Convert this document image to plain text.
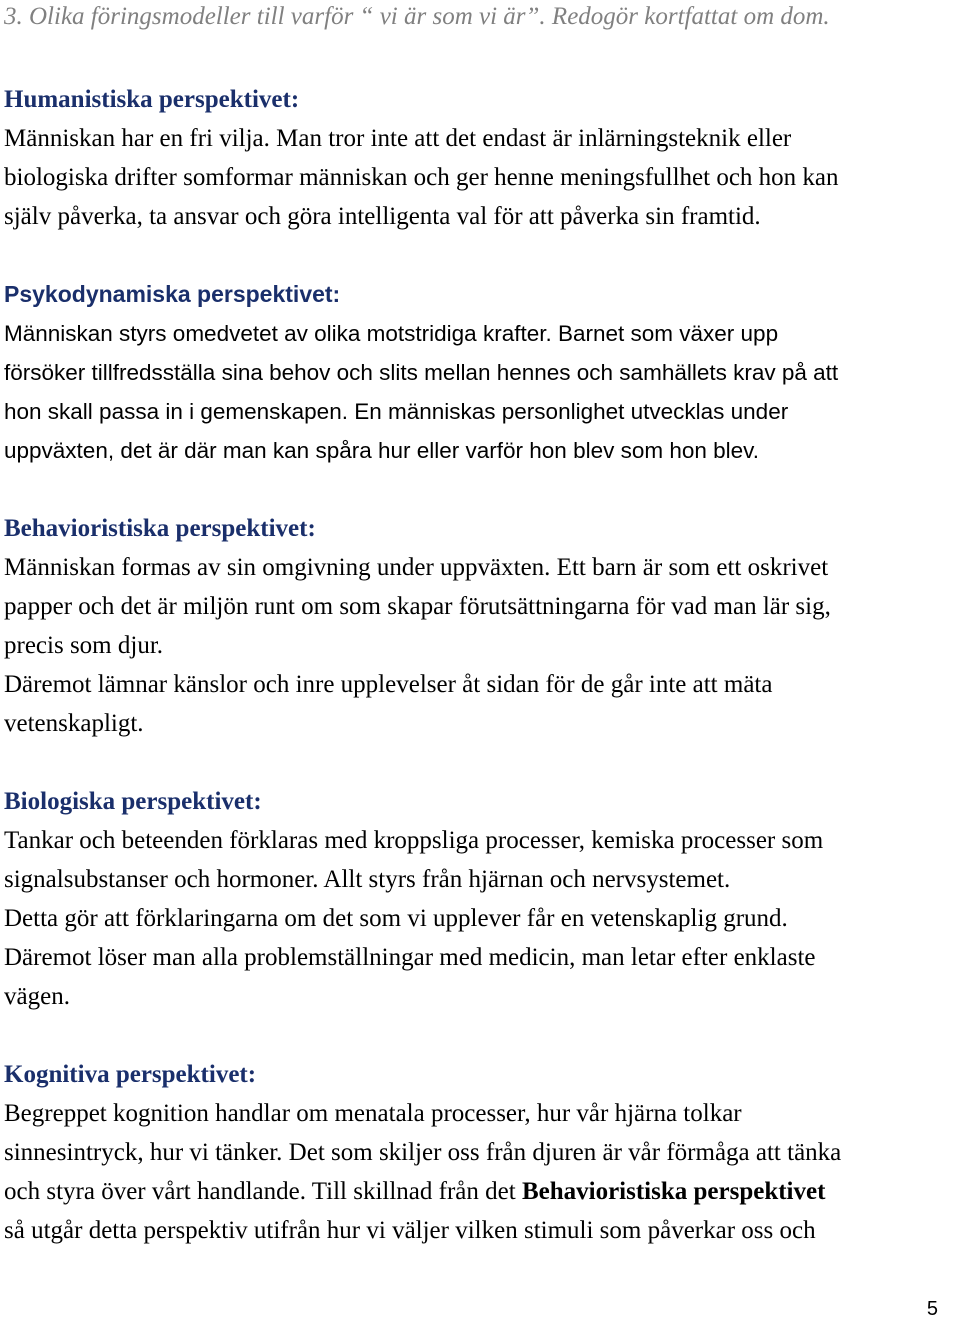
3. Olika föringsmodeller till varför “ vi är som vi är”. Redogör kortfattat om dom.

Humanistiska perspektivet:

Människan har en fri vilja. Man tror inte att det endast är inlärningsteknik eller

biologiska drifter somformar människan och ger henne meningsfullhet och hon kan

själv påverka, ta ansvar och göra intelligenta val för att påverka sin framtid.

Psykodynamiska perspektivet:

Människan styrs omedvetet av olika motstridiga krafter. Barnet som växer upp

försöker tillfredsställa sina behov och slits mellan hennes och samhällets krav på att

hon skall passa in i gemenskapen. En människas personlighet utvecklas under

uppväxten, det är där man kan spåra hur eller varför hon blev som hon blev.

Behavioristiska perspektivet:

Människan formas av sin omgivning under uppväxten. Ett barn är som ett oskrivet

papper och det är miljön runt om som skapar förutsättningarna för vad man lär sig,

precis som djur.

Däremot lämnar känslor och inre upplevelser åt sidan för de går inte att mäta

vetenskapligt.

Biologiska perspektivet:

Tankar och beteenden förklaras med kroppsliga processer, kemiska processer som

signalsubstanser och hormoner. Allt styrs från hjärnan och nervsystemet.

Detta gör att förklaringarna om det som vi upplever får en vetenskaplig grund.

Däremot löser man alla problemställningar med medicin, man letar efter enklaste

vägen.

Kognitiva perspektivet:

Begreppet kognition handlar om menatala processer, hur vår hjärna tolkar

sinnesintryck, hur vi tänker. Det som skiljer oss från djuren är vår förmåga att tänka

och styra över vårt handlande. Till skillnad från det Behavioristiska perspektivet

så utgår detta perspektiv utifrån hur vi väljer vilken stimuli som påverkar oss och

5
